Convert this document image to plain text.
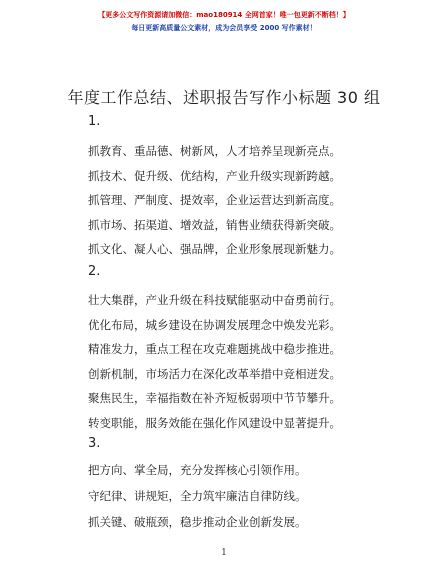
【更多公文写作资源请加微信：mao180914 全网首家！唯一包更新不断档！】
每日更新高质量公文素材，成为会员享受 2000 写作素材！
年度工作总结、述职报告写作小标题 30 组
1.
抓教育、重品德、树新风，人才培养呈现新亮点。
抓技术、促升级、优结构，产业升级实现新跨越。
抓管理、严制度、提效率，企业运营达到新高度。
抓市场、拓渠道、增效益，销售业绩获得新突破。
抓文化、凝人心、强品牌，企业形象展现新魅力。
2.
壮大集群，产业升级在科技赋能驱动中奋勇前行。
优化布局，城乡建设在协调发展理念中焕发光彩。
精准发力，重点工程在攻克难题挑战中稳步推进。
创新机制，市场活力在深化改革举措中竞相迸发。
聚焦民生，幸福指数在补齐短板弱项中节节攀升。
转变职能，服务效能在强化作风建设中显著提升。
3.
把方向、掌全局，充分发挥核心引领作用。
守纪律、讲规矩，全力筑牢廉洁自律防线。
抓关键、破瓶颈，稳步推动企业创新发展。
1
